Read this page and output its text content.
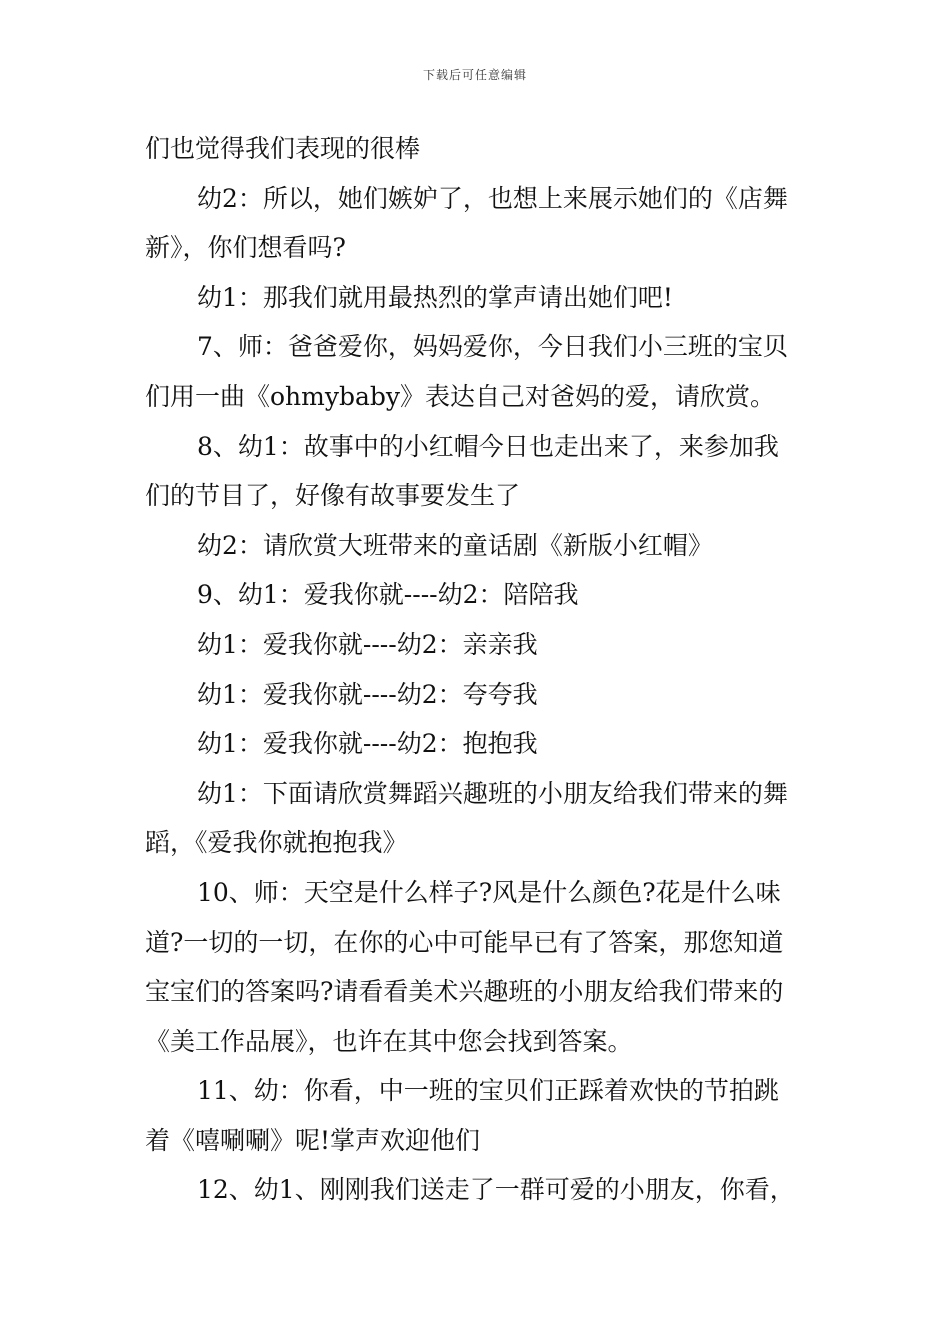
下载后可任意编辑
们也觉得我们表现的很棒
幼2：所以，她们嫉妒了，也想上来展示她们的《店舞
新》，你们想看吗?
幼1：那我们就用最热烈的掌声请出她们吧!
7、师：爸爸爱你，妈妈爱你，今日我们小三班的宝贝
们用一曲《ohmybaby》表达自己对爸妈的爱，请欣赏。
8、幼1：故事中的小红帽今日也走出来了，来参加我
们的节目了，好像有故事要发生了
幼2：请欣赏大班带来的童话剧《新版小红帽》
9、幼1：爱我你就----幼2：陪陪我
幼1：爱我你就----幼2：亲亲我
幼1：爱我你就----幼2：夸夸我
幼1：爱我你就----幼2：抱抱我
幼1：下面请欣赏舞蹈兴趣班的小朋友给我们带来的舞
蹈，《爱我你就抱抱我》
10、师：天空是什么样子?风是什么颜色?花是什么味
道?一切的一切，在你的心中可能早已有了答案，那您知道
宝宝们的答案吗?请看看美术兴趣班的小朋友给我们带来的
《美工作品展》，也许在其中您会找到答案。
11、幼：你看，中一班的宝贝们正踩着欢快的节拍跳
着《嘻唰唰》呢!掌声欢迎他们
12、幼1、刚刚我们送走了一群可爱的小朋友，你看，
